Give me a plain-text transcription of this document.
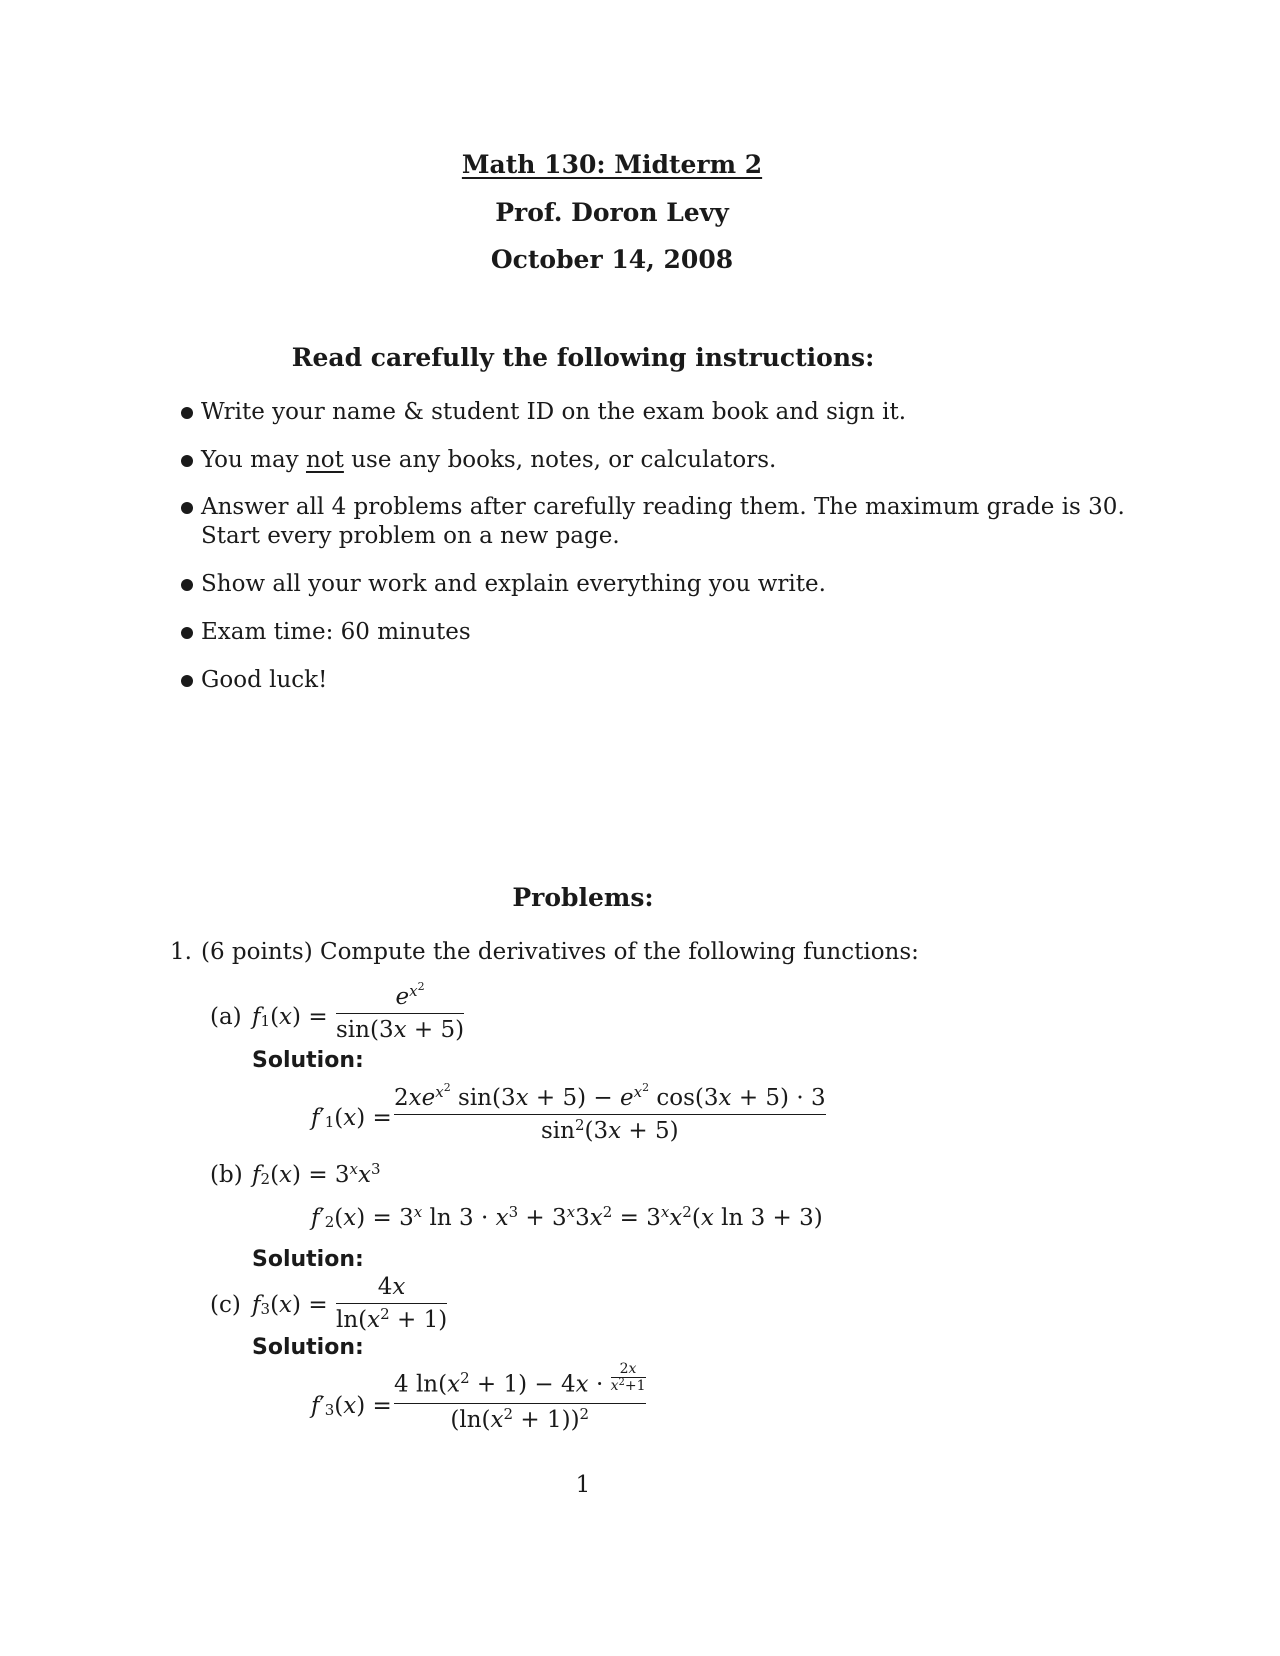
Math 130: Midterm 2
Prof. Doron Levy
October 14, 2008
Read carefully the following instructions:
Write your name & student ID on the exam book and sign it.
You may not use any books, notes, or calculators.
Answer all 4 problems after carefully reading them. The maximum grade is 30.
Start every problem on a new page.
Show all your work and explain everything you write.
Exam time: 60 minutes
Good luck!
Problems:
1. (6 points) Compute the derivatives of the following functions:
(a) $f_1(x)$ =
$e^{x^2}$
sin(3x + 5)
Solution:
$f'_1(x)$ =
$2xe^{x^2}$ $\sin(3x + 5) - e^{x^2}$ cos(3x + 5) · 3
$\sin^2(3x + 5)$
(b) $f_2(x) = 3^xx^3$
$f'_2(x) = 3^x$ $\ln 3 \cdot x^3 + 3^x3x^2 = 3^xx^2(x$ ln 3 + 3)
Solution:
(c) $f_3(x)$ =
4x
$\ln(x^2 + 1)$
Solution:
$f'_3(x)$ =
4 $\ln(x^2 + 1) - 4x \cdot \frac{2x}{x^2+1}$
$(\ln(x^2 + 1))^2$
1
